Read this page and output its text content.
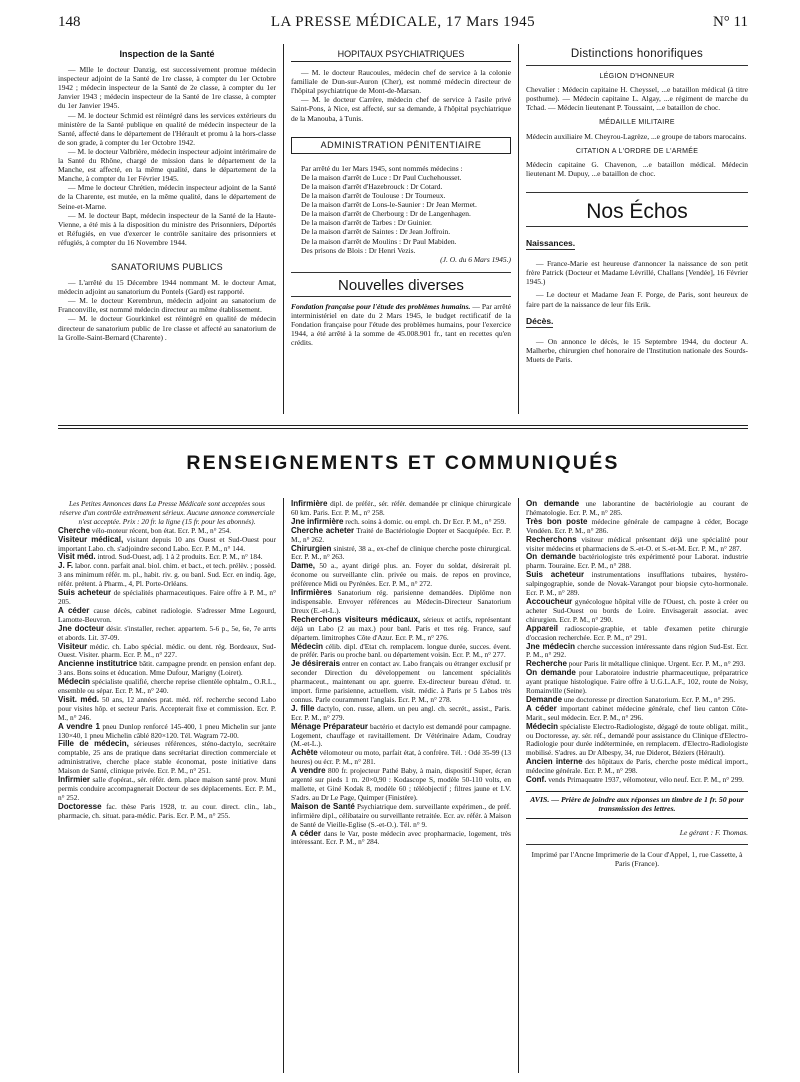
148	LA PRESSE MÉDICALE, 17 Mars 1945	N° 11
Inspection de la Santé

— Mlle le docteur Danzig, est successivement promue médecin inspecteur adjoint de la Santé de 1re classe, à compter du 1er Octobre 1942 ; médecin inspecteur de la Santé de 2e classe, à compter du 1er Janvier 1943 ; médecin inspecteur de la Santé de 1re classe, à compter du 1er Janvier 1945.

— M. le docteur Schmid est réintégré dans les services extérieurs du ministère de la Santé publique en qualité de médecin inspecteur de la Santé, affecté dans le département de l'Hérault et promu à la hors-classe de son grade, à compter du 1er Octobre 1942.

— M. le docteur Valbrière, médecin inspecteur adjoint intérimaire de la Santé du Rhône, chargé de mission dans le département de la Manche, est affecté, en la même qualité, dans le département de la Manche, à compter du 1er Février 1945.

— Mme le docteur Chrétien, médecin inspecteur adjoint de la Santé de la Charente, est mutée, en la même qualité, dans le département de Seine-et-Marne.

— M. le docteur Bapt, médecin inspecteur de la Santé de la Haute-Vienne, a été mis à la disposition du ministre des Prisonniers, Déportés et Réfugiés, en vue d'exercer le contrôle sanitaire des prisonniers et réfugiés, à compter du 16 Novembre 1944.

SANATORIUMS PUBLICS

— L'arrêté du 15 Décembre 1944 nommant M. le docteur Amat, médecin adjoint au sanatorium du Pontels (Gard) est rapporté.

— M. le docteur Kerembrun, médecin adjoint au sanatorium de Franconville, est nommé médecin directeur au même établissement.

— M. le docteur Gourkinkel est réintégré en qualité de médecin directeur de sanatorium public de 1re classe et affecté au sanatorium de la Grolle-Saint-Bernard (Charente) .

HOPITAUX PSYCHIATRIQUES

— M. le docteur Raucoules, médecin chef de service à la colonie familiale de Dun-sur-Auron (Cher), est nommé médecin directeur de l'hôpital psychiatrique de Mont-de-Marsan.

— M. le docteur Carrère, médecin chef de service à l'asile privé Saint-Pons, à Nice, est affecté, sur sa demande, à l'hôpital psychiatrique de la Manouba, à Tunis.

ADMINISTRATION PÉNITENTIAIRE

Par arrêté du 1er Mars 1945, sont nommés médecins :

De la maison d'arrêt de Luce : Dr Paul Cuchehousset.

De la maison d'arrêt d'Hazebrouck : Dr Cotard.

De la maison d'arrêt de Toulouse : Dr Tourneux.

De la maison d'arrêt de Lons-le-Saunier : Dr Jean Mermet.

De la maison d'arrêt de Cherbourg : Dr de Langenhagen.

De la maison d'arrêt de Tarbes : Dr Guinier.

De la maison d'arrêt de Saintes : Dr Jean Joffroin.

De la maison d'arrêt de Moulins : Dr Paul Mabiden.

Des prisons de Blois : Dr Henri Vezis.

(J. O. du 6 Mars 1945.)

Nouvelles diverses

Fondation française pour l'étude des problèmes humains. — Par arrêté interministériel en date du 2 Mars 1945, le budget rectificatif de la Fondation française pour l'étude des problèmes humains, pour l'exercice 1944, a été arrêté à la somme de 45.008.901 fr., tant en recettes qu'en crédits.

Distinctions honorifiques
LÉGION D'HONNEUR

Chevalier : Médecin capitaine H. Cheyssel, ...e bataillon médical (à titre posthume). — Médecin capitaine L. Algay, ...e régiment de marche du Tchad. — Médecin lieutenant P. Toussaint, ...e bataillon de choc.

MÉDAILLE MILITAIRE

Médecin auxiliaire M. Cheyrou-Lagrèze, ...e groupe de tabors marocains.

CITATION A L'ORDRE DE L'ARMÉE

Médecin capitaine G. Chavenon, ...e bataillon médical. Médecin lieutenant M. Dupuy, ...e bataillon de choc.

Nos Échos
Naissances.

— France-Marie est heureuse d'annoncer la naissance de son petit frère Patrick (Docteur et Madame Lévrillé, Challans [Vendée], 16 Février 1945.)

— Le docteur et Madame Jean F. Porge, de Paris, sont heureux de faire part de la naissance de leur fils Erik.

Décès.

— On annonce le décès, le 15 Septembre 1944, du docteur A. Malherbe, chirurgien chef honoraire de l'Institution nationale des Sourds-Muets de Paris.

RENSEIGNEMENTS ET COMMUNIQUÉS

Les Petites Annonces dans La Presse Médicale sont acceptées sous réserve d'un contrôle extrêmement sérieux. Aucune annonce commerciale n'est acceptée. Prix : 20 fr. la ligne (15 fr. pour les abonnés).

Cherche vélo-moteur récent, bon état. Ecr. P. M., n° 254.

Visiteur médical, visitant depuis 10 ans Ouest et Sud-Ouest pour important Labo. ch. s'adjoindre second Labo. Ecr. P. M., n° 144.

Visit méd. introd. Sud-Ouest, adj. 1 à 2 produits. Ecr. P. M., n° 184.

J. F. labor. conn. parfait anal. biol. chim. et bact., et tech. prélèv. ; possèd. 3 ans minimum référ. m. pl., habit. riv. g. ou banl. Sud. Ecr. en indiq. âge, référ. prétent. à Pharm., 4, Pl. Porte-Orléans.

Suis acheteur de spécialités pharmaceutiques. Faire offre à P. M., n° 205.

A céder cause décès, cabinet radiologie. S'adresser Mme Legourd, Lamotte-Beuvron.

Jne docteur désir. s'installer, recher. appartem. 5-6 p., 5e, 6e, 7e arrts et abords. Lit. 37-09.

Visiteur médic. ch. Labo spécial. médic. ou dent. rég. Bordeaux, Sud-Ouest. Visiter. pharm. Ecr. P. M., n° 227.

Ancienne institutrice bâtit. campagne prendr. en pension enfant dep. 3 ans. Bons soins et éducation. Mme Dufour, Marigny (Loiret).

Médecin spécialiste qualifié, cherche reprise clientèle ophtalm., O.R.L., ensemble ou sépar. Ecr. P. M., n° 240.

Visit. méd. 50 ans, 12 années prat. méd. réf. recherche second Labo pour visites hôp. et secteur Paris. Accepterait fixe et commission. Ecr. P. M., n° 246.

A vendre 1 pneu Dunlop renforcé 145-400, 1 pneu Michelin sur jante 130×40, 1 pneu Michelin câblé 820×120. Tél. Wagram 72-00.

Fille de médecin, sérieuses références, sténo-dactylo, secrétaire comptable, 25 ans de pratique dans secrétariat direction commerciale et administrative, cherche place stable économat, poste initiative dans Maison de Santé, clinique privée. Ecr. P. M., n° 251.

Infirmier salle d'opérat., sér. référ. dem. place maison santé prov. Muni permis conduire accompagnerait Docteur de ses déplacements. Ecr. P. M., n° 252.

Doctoresse fac. thèse Paris 1928, tr. au cour. direct. clin., lab., pharmacie, ch. situat. para-médic. Paris. Ecr. P. M., n° 255.

Infirmière dipl. de préfér., sér. référ. demandée pr clinique chirurgicale 60 km. Paris. Ecr. P. M., n° 258.

Jne infirmière rech. soins à domic. ou empl. ch. Dr Ecr. P. M., n° 259.

Cherche acheter Traité de Bactériologie Dopter et Sacquépée. Ecr. P. M., n° 262.

Chirurgien sinistré, 38 a., ex-chef de clinique cherche poste chirurgical. Ecr. P. M., n° 263.

Dame, 50 a., ayant dirigé plus. an. Foyer du soldat, désirerait pl. économe ou surveillante clin. privée ou mais. de repos en province, préférence Midi ou Pyrénées. Ecr. P. M., n° 272.

Infirmières Sanatorium rég. parisienne demandées. Diplôme non indispensable. Envoyer références au Médecin-Directeur Sanatorium Dreux (E.-et-L.).

Recherchons visiteurs médicaux, sérieux et actifs, représentant déjà un Labo (2 au max.) pour banl. Paris et ttes rég. France, sauf départem. limitrophes Côte d'Azur. Ecr. P. M., n° 276.

Médecin célib. dipl. d'Etat ch. remplacem. longue durée, succes. évent. de préfér. Paris ou proche banl. ou département voisin. Ecr. P. M., n° 277.

Je désirerais entrer en contact av. Labo français ou étranger exclusif pr seconder Direction du développement ou lancement spécialités pharmaceut., maintenant ou apr. guerre. Ex-directeur bureau d'étud. tr. import. firme parisienne, actuellem. visit. médic. à Paris pr 5 Labos très connus. Parle couramment l'anglais. Ecr. P. M., n° 278.

J. fille dactylo, con. russe, allem. un peu angl. ch. secrét., assist., Paris. Ecr. P. M., n° 279.

Ménage Préparateur bactério et dactylo est demandé pour campagne. Logement, chauffage et ravitaillement. Dr Vétérinaire Adam, Coudray (M.-et-L.).

Achète vélomoteur ou moto, parfait état, à confrère. Tél. : Odé 35-99 (13 heures) ou écr. P. M., n° 281.

A vendre 800 fr. projecteur Pathé Baby, à main, dispositif Super, écran argenté sur pieds 1 m. 20×0,90 : Kodascope S, modèle 50-110 volts, en mallette, et Giné Kodak 8, modèle 60 ; téléobjectif ; filtres jaune et I.V. S'adrs. au Dr Le Page, Quimper (Finistère).

Maison de Santé Psychiatrique dem. surveillante expérimen., de préf. infirmière dipl., célibataire ou surveillante retraitée. Ecr. av. référ. à Maison de Santé de Vieille-Eglise (S.-et-O.). Tél. n° 9.

A céder dans le Var, poste médecin avec propharmacie, logement, très intéressant. Ecr. P. M., n° 284.

On demande une laborantine de bactériologie au courant de l'hématologie. Ecr. P. M., n° 285.

Très bon poste médecine générale de campagne à céder, Bocage Vendéen. Ecr. P. M., n° 286.

Recherchons visiteur médical présentant déjà une spécialité pour visiter médecins et pharmaciens de S.-et-O. et S.-et-M. Ecr. P. M., n° 287.

On demande bactériologiste très expérimenté pour Laborat. industrie pharm. Touraine. Ecr. P. M., n° 288.

Suis acheteur instrumentations insufflations tubaires, hystéro-salpingographie, sonde de Novak-Varangot pour biopsie cyto-hormonale. Ecr. P. M., n° 289.

Accoucheur gynécologue hôpital ville de l'Ouest, ch. poste à créer ou acheter Sud-Ouest ou bords de Loire. Envisagerait associat. avec chirurgien. Ecr. P. M., n° 290.

Appareil radioscopie-graphie, et table d'examen petite chirurgie d'occasion recherchée. Ecr. P. M., n° 291.

Jne médecin cherche succession intéressante dans région Sud-Est. Ecr. P. M., n° 292.

Recherche pour Paris lit métallique clinique. Urgent. Ecr. P. M., n° 293.

On demande pour Laboratoire industrie pharmaceutique, préparatrice ayant pratique histologique. Faire offre à U.G.L.A.F., 102, route de Noisy, Romainville (Seine).

Demande une doctoresse pr direction Sanatorium. Ecr. P. M., n° 295.

A céder important cabinet médecine générale, chef lieu canton Côte-Marit., seul médecin. Ecr. P. M., n° 296.

Médecin spécialiste Electro-Radiologiste, dégagé de toute obligat. milit., ou Doctoresse, ay. sér. réf., demandé pour assistance du Clinique d'Electro-Radiologie pour durée indéterminée, en remplacem. d'Electro-Radiologiste mobilisé. S'adres. au Dr Albespy, 34, rue Diderot, Béziers (Hérault).

Ancien interne des hôpitaux de Paris, cherche poste médical import., médecine générale. Ecr. P. M., n° 298.

Conf. vends Primaquatre 1937, vélomoteur, vélo neuf. Ecr. P. M., n° 299.

AVIS. — Prière de joindre aux réponses un timbre de 1 fr. 50 pour transmission des lettres.
Le gérant : F. Thomas.
Imprimé par l'Ancne Imprimerie de la Cour d'Appel, 1, rue Cassette, à Paris (France).
